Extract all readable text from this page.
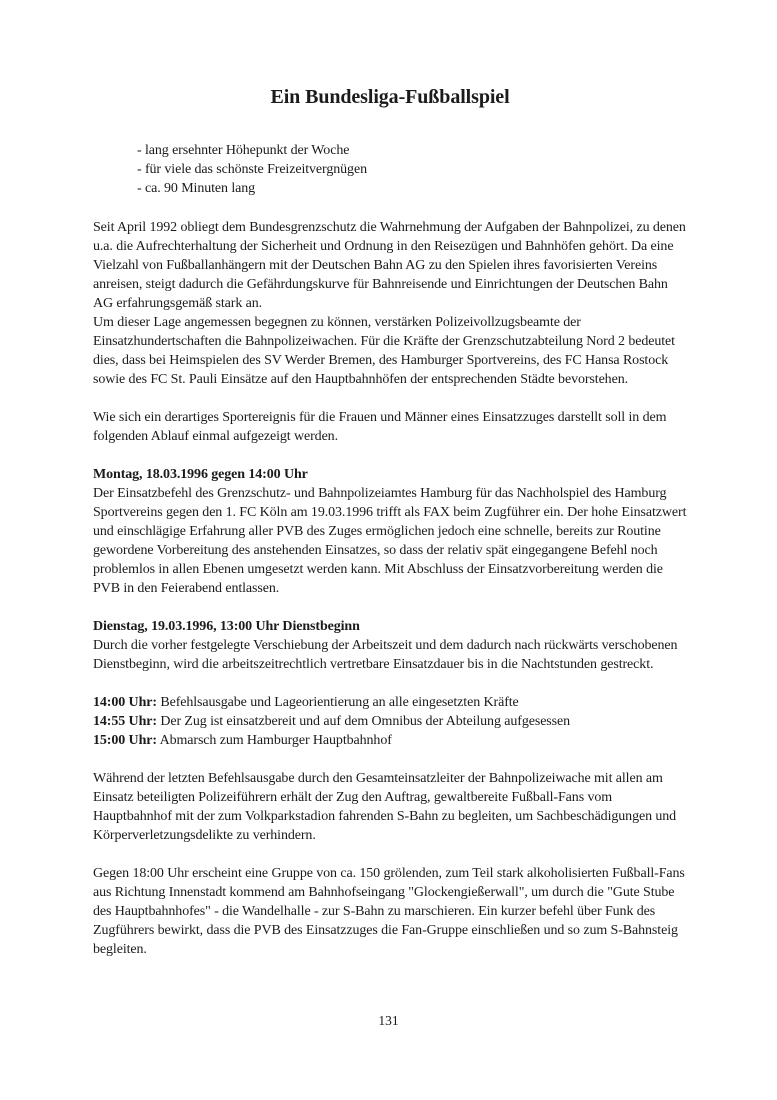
Ein Bundesliga-Fußballspiel
- lang ersehnter Höhepunkt der Woche
- für viele das schönste Freizeitvergnügen
- ca. 90 Minuten lang
Seit April 1992 obliegt dem Bundesgrenzschutz die Wahrnehmung der Aufgaben der Bahnpolizei, zu denen u.a. die Aufrechterhaltung der Sicherheit und Ordnung in den Reisezügen und Bahnhöfen gehört. Da eine Vielzahl von Fußballanhängern mit der Deutschen Bahn AG zu den Spielen ihres favorisierten Vereins anreisen, steigt dadurch die Gefährdungskurve für Bahnreisende und Einrichtungen der Deutschen Bahn AG erfahrungsgemäß stark an.
Um dieser Lage angemessen begegnen zu können, verstärken Polizeivollzugsbeamte der Einsatzhundertschaften die Bahnpolizeiwachen. Für die Kräfte der Grenzschutzabteilung Nord 2 bedeutet dies, dass bei Heimspielen des SV Werder Bremen, des Hamburger Sportvereins, des FC Hansa Rostock sowie des FC St. Pauli Einsätze auf den Hauptbahnhöfen der entsprechenden Städte bevorstehen.
Wie sich ein derartiges Sportereignis für die Frauen und Männer eines Einsatzzuges darstellt soll in dem folgenden Ablauf einmal aufgezeigt werden.
Montag, 18.03.1996 gegen 14:00 Uhr
Der Einsatzbefehl des Grenzschutz- und Bahnpolizeiamtes Hamburg für das Nachholspiel des Hamburg Sportvereins gegen den 1. FC Köln am 19.03.1996 trifft als FAX beim Zugführer ein. Der hohe Einsatzwert und einschlägige Erfahrung aller PVB des Zuges ermöglichen jedoch eine schnelle, bereits zur Routine gewordene Vorbereitung des anstehenden Einsatzes, so dass der relativ spät eingegangene Befehl noch problemlos in allen Ebenen umgesetzt werden kann. Mit Abschluss der Einsatzvorbereitung werden die PVB in den Feierabend entlassen.
Dienstag, 19.03.1996, 13:00 Uhr Dienstbeginn
Durch die vorher festgelegte Verschiebung der Arbeitszeit und dem dadurch nach rückwärts verschobenen Dienstbeginn, wird die arbeitszeitrechtlich vertretbare Einsatzdauer bis in die Nachtstunden gestreckt.
14:00 Uhr: Befehlsausgabe und Lageorientierung an alle eingesetzten Kräfte
14:55 Uhr: Der Zug ist einsatzbereit und auf dem Omnibus der Abteilung aufgesessen
15:00 Uhr: Abmarsch zum Hamburger Hauptbahnhof
Während der letzten Befehlsausgabe durch den Gesamteinsatzleiter der Bahnpolizeiwache mit allen am Einsatz beteiligten Polizeiführern erhält der Zug den Auftrag, gewaltbereite Fußball-Fans vom Hauptbahnhof mit der zum Volkparkstadion fahrenden S-Bahn zu begleiten, um Sachbeschädigungen und Körperverletzungsdelikte zu verhindern.
Gegen 18:00 Uhr erscheint eine Gruppe von ca. 150 grölenden, zum Teil stark alkoholisierten Fußball-Fans aus Richtung Innenstadt kommend am Bahnhofseingang "Glockengießerwall", um durch die "Gute Stube des Hauptbahnhofes" - die Wandelhalle - zur S-Bahn zu marschieren. Ein kurzer befehl über Funk des Zugführers bewirkt, dass die PVB des Einsatzzuges die Fan-Gruppe einschließen und so zum S-Bahnsteig begleiten.
131
